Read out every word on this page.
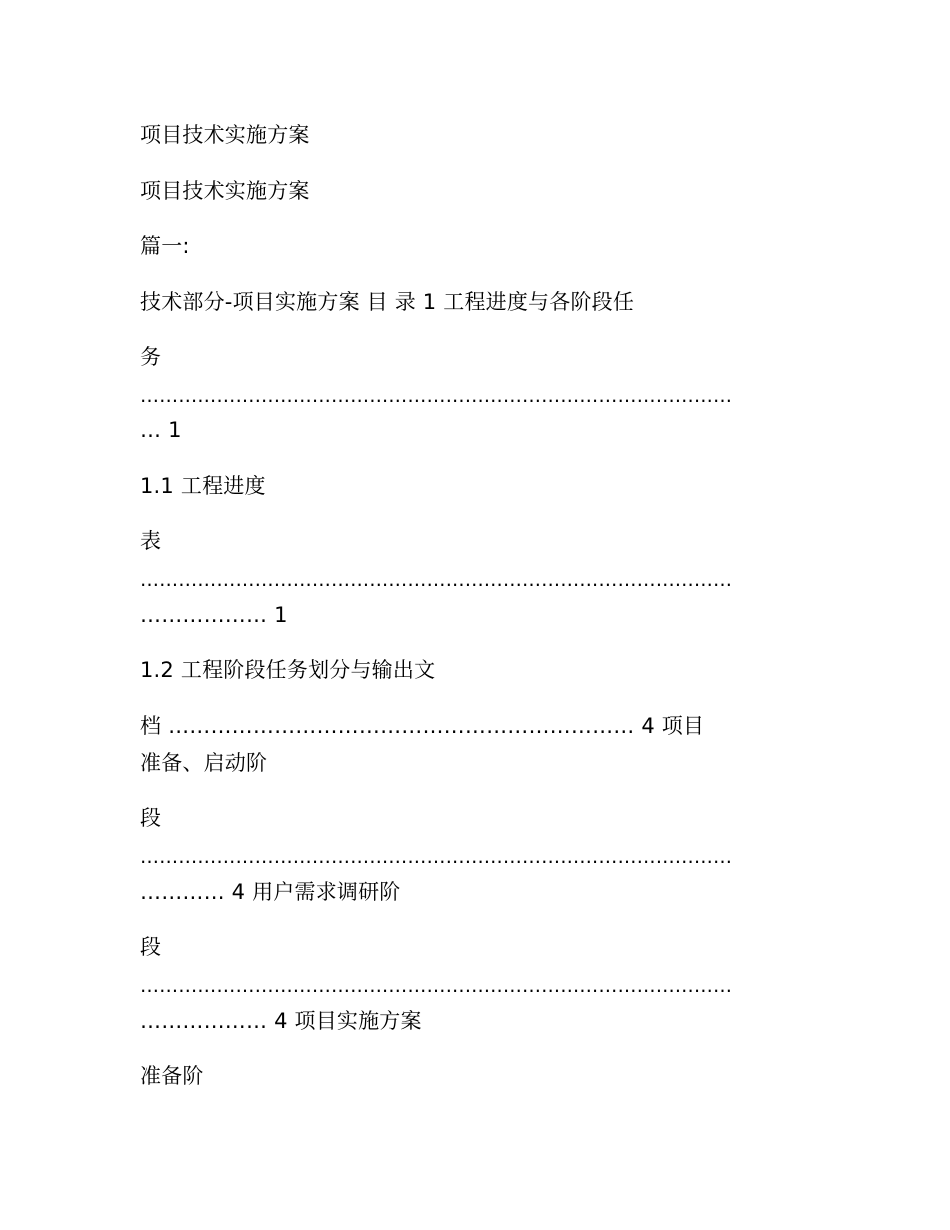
项目技术实施方案
项目技术实施方案
篇一:
技术部分-项目实施方案 目 录 1 工程进度与各阶段任
务
…………………………………………………………………………………
… 1
1.1 工程进度
表
…………………………………………………………………………………
……………… 1
1.2 工程阶段任务划分与输出文
档 ………………………………………………………… 4 项目
准备、启动阶
段
…………………………………………………………………………………
………… 4 用户需求调研阶
段
…………………………………………………………………………………
……………… 4 项目实施方案
准备阶
